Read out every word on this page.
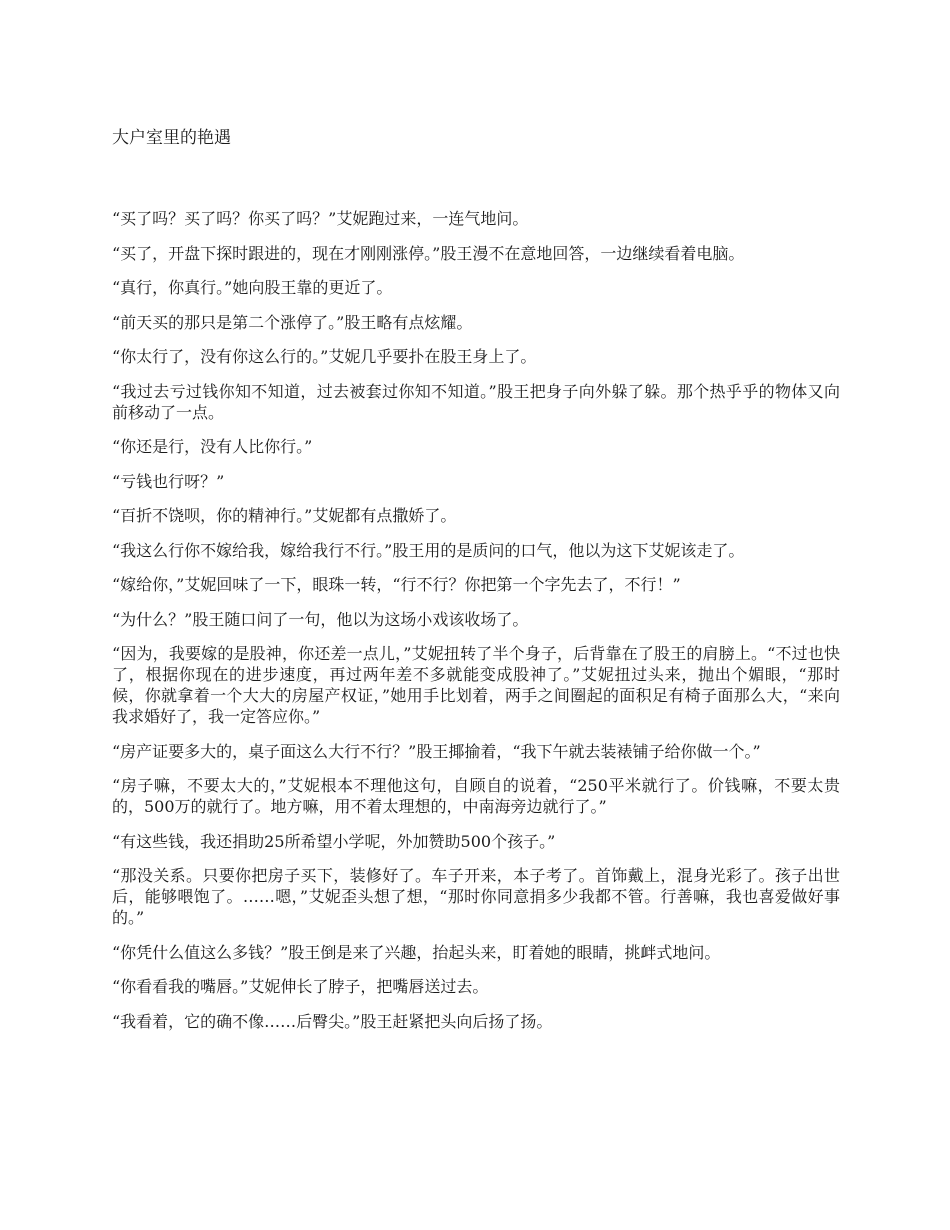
大户室里的艳遇

“买了吗？买了吗？你买了吗？”艾妮跑过来，一连气地问。

“买了，开盘下探时跟进的，现在才刚刚涨停。”股王漫不在意地回答，一边继续看着电脑。

“真行，你真行。”她向股王靠的更近了。

“前天买的那只是第二个涨停了。”股王略有点炫耀。

“你太行了，没有你这么行的。”艾妮几乎要扑在股王身上了。

“我过去亏过钱你知不知道，过去被套过你知不知道。”股王把身子向外躲了躲。那个热乎乎的物体又向前移动了一点。

“你还是行，没有人比你行。”

“亏钱也行呀？”

“百折不饶呗，你的精神行。”艾妮都有点撒娇了。

“我这么行你不嫁给我，嫁给我行不行。”股王用的是质问的口气，他以为这下艾妮该走了。

“嫁给你，”艾妮回味了一下，眼珠一转，“行不行？你把第一个字先去了，不行！”

“为什么？”股王随口问了一句，他以为这场小戏该收场了。

“因为，我要嫁的是股神，你还差一点儿，”艾妮扭转了半个身子，后背靠在了股王的肩膀上。“不过也快了，根据你现在的进步速度，再过两年差不多就能变成股神了。”艾妮扭过头来，抛出个媚眼，“那时候，你就拿着一个大大的房屋产权证，”她用手比划着，两手之间圈起的面积足有椅子面那么大，“来向我求婚好了，我一定答应你。”

“房产证要多大的，桌子面这么大行不行？”股王揶揄着，“我下午就去装裱铺子给你做一个。”

“房子嘛，不要太大的，”艾妮根本不理他这句，自顾自的说着，“250平米就行了。价钱嘛，不要太贵的，500万的就行了。地方嘛，用不着太理想的，中南海旁边就行了。”

“有这些钱，我还捐助25所希望小学呢，外加赞助500个孩子。”

“那没关系。只要你把房子买下，装修好了。车子开来，本子考了。首饰戴上，混身光彩了。孩子出世后，能够喂饱了。……嗯，”艾妮歪头想了想，“那时你同意捐多少我都不管。行善嘛，我也喜爱做好事的。”

“你凭什么值这么多钱？”股王倒是来了兴趣，抬起头来，盯着她的眼睛，挑衅式地问。

“你看看我的嘴唇。”艾妮伸长了脖子，把嘴唇送过去。

“我看着，它的确不像……后臀尖。”股王赶紧把头向后扬了扬。
